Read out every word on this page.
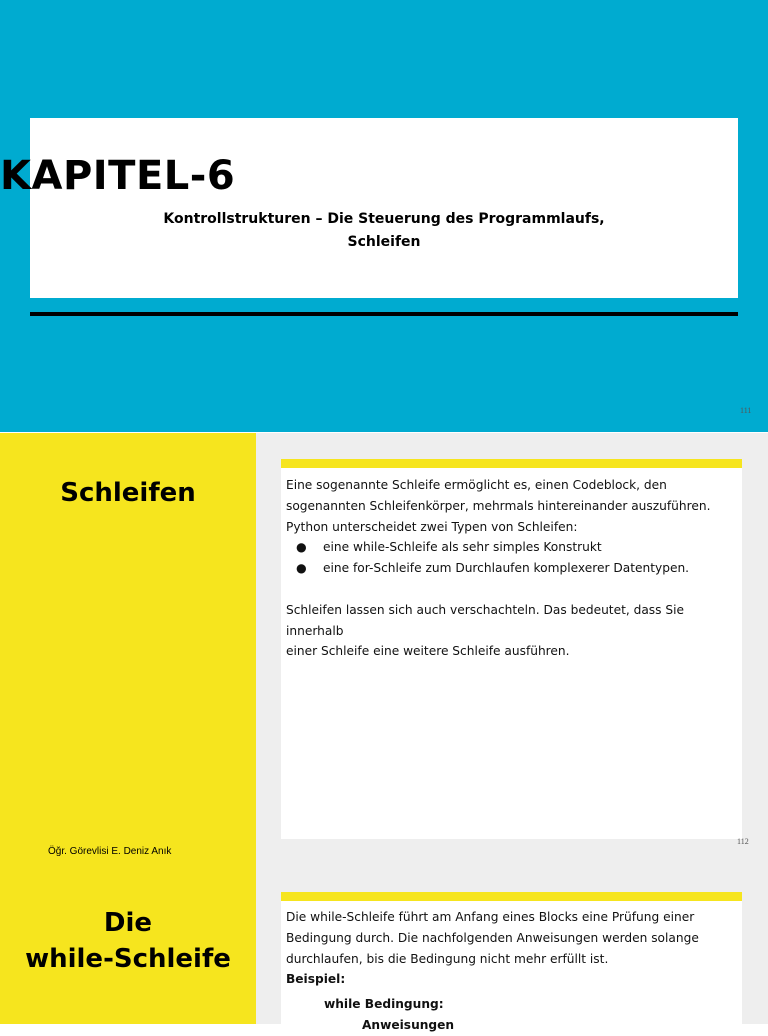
KAPITEL-6
Kontrollstrukturen – Die Steuerung des Programmlaufs,
Schleifen
111
Schleifen
Öğr. Görevlisi E. Deniz Anık

Eine sogenannte Schleife ermöglicht es, einen Codeblock, den

sogenannten Schleifenkörper, mehrmals hintereinander auszuführen.

Python unterscheidet zwei Typen von Schleifen:

● eine while-Schleife als sehr simples Konstrukt
● eine for-Schleife zum Durchlaufen komplexerer Datentypen.

Schleifen lassen sich auch verschachteln. Das bedeutet, dass Sie innerhalb

einer Schleife eine weitere Schleife ausführen.

112
Die
while-Schleife

Die while-Schleife führt am Anfang eines Blocks eine Prüfung einer

Bedingung durch. Die nachfolgenden Anweisungen werden solange

durchlaufen, bis die Bedingung nicht mehr erfüllt ist.

Beispiel:

while Bedingung:

Anweisungen
